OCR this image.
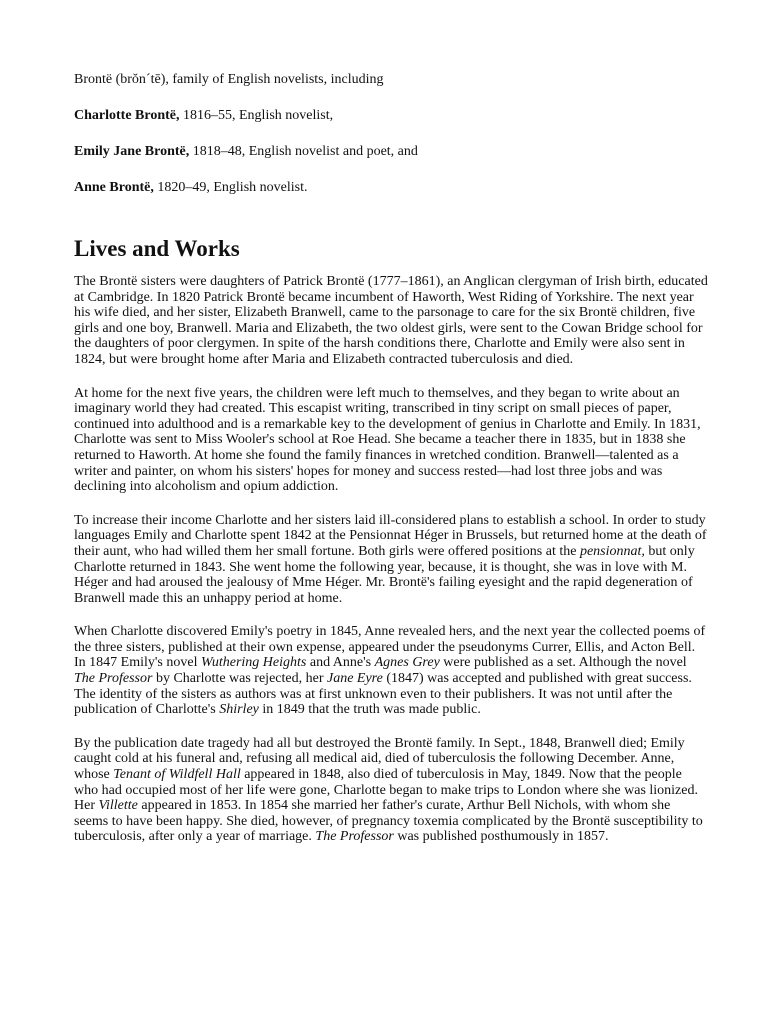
Brontë (brŏn´tē), family of English novelists, including

Charlotte Brontë, 1816–55, English novelist,

Emily Jane Brontë, 1818–48, English novelist and poet, and

Anne Brontë, 1820–49, English novelist.

Lives and Works

The Brontë sisters were daughters of Patrick Brontë (1777–1861), an Anglican clergyman of Irish birth, educated at Cambridge. In 1820 Patrick Brontë became incumbent of Haworth, West Riding of Yorkshire. The next year his wife died, and her sister, Elizabeth Branwell, came to the parsonage to care for the six Brontë children, five girls and one boy, Branwell. Maria and Elizabeth, the two oldest girls, were sent to the Cowan Bridge school for the daughters of poor clergymen. In spite of the harsh conditions there, Charlotte and Emily were also sent in 1824, but were brought home after Maria and Elizabeth contracted tuberculosis and died.

At home for the next five years, the children were left much to themselves, and they began to write about an imaginary world they had created. This escapist writing, transcribed in tiny script on small pieces of paper, continued into adulthood and is a remarkable key to the development of genius in Charlotte and Emily. In 1831, Charlotte was sent to Miss Wooler's school at Roe Head. She became a teacher there in 1835, but in 1838 she returned to Haworth. At home she found the family finances in wretched condition. Branwell—talented as a writer and painter, on whom his sisters' hopes for money and success rested—had lost three jobs and was declining into alcoholism and opium addiction.

To increase their income Charlotte and her sisters laid ill-considered plans to establish a school. In order to study languages Emily and Charlotte spent 1842 at the Pensionnat Héger in Brussels, but returned home at the death of their aunt, who had willed them her small fortune. Both girls were offered positions at the pensionnat, but only Charlotte returned in 1843. She went home the following year, because, it is thought, she was in love with M. Héger and had aroused the jealousy of Mme Héger. Mr. Brontë's failing eyesight and the rapid degeneration of Branwell made this an unhappy period at home.

When Charlotte discovered Emily's poetry in 1845, Anne revealed hers, and the next year the collected poems of the three sisters, published at their own expense, appeared under the pseudonyms Currer, Ellis, and Acton Bell. In 1847 Emily's novel Wuthering Heights and Anne's Agnes Grey were published as a set. Although the novel The Professor by Charlotte was rejected, her Jane Eyre (1847) was accepted and published with great success. The identity of the sisters as authors was at first unknown even to their publishers. It was not until after the publication of Charlotte's Shirley in 1849 that the truth was made public.

By the publication date tragedy had all but destroyed the Brontë family. In Sept., 1848, Branwell died; Emily caught cold at his funeral and, refusing all medical aid, died of tuberculosis the following December. Anne, whose Tenant of Wildfell Hall appeared in 1848, also died of tuberculosis in May, 1849. Now that the people who had occupied most of her life were gone, Charlotte began to make trips to London where she was lionized. Her Villette appeared in 1853. In 1854 she married her father's curate, Arthur Bell Nichols, with whom she seems to have been happy. She died, however, of pregnancy toxemia complicated by the Brontë susceptibility to tuberculosis, after only a year of marriage. The Professor was published posthumously in 1857.
